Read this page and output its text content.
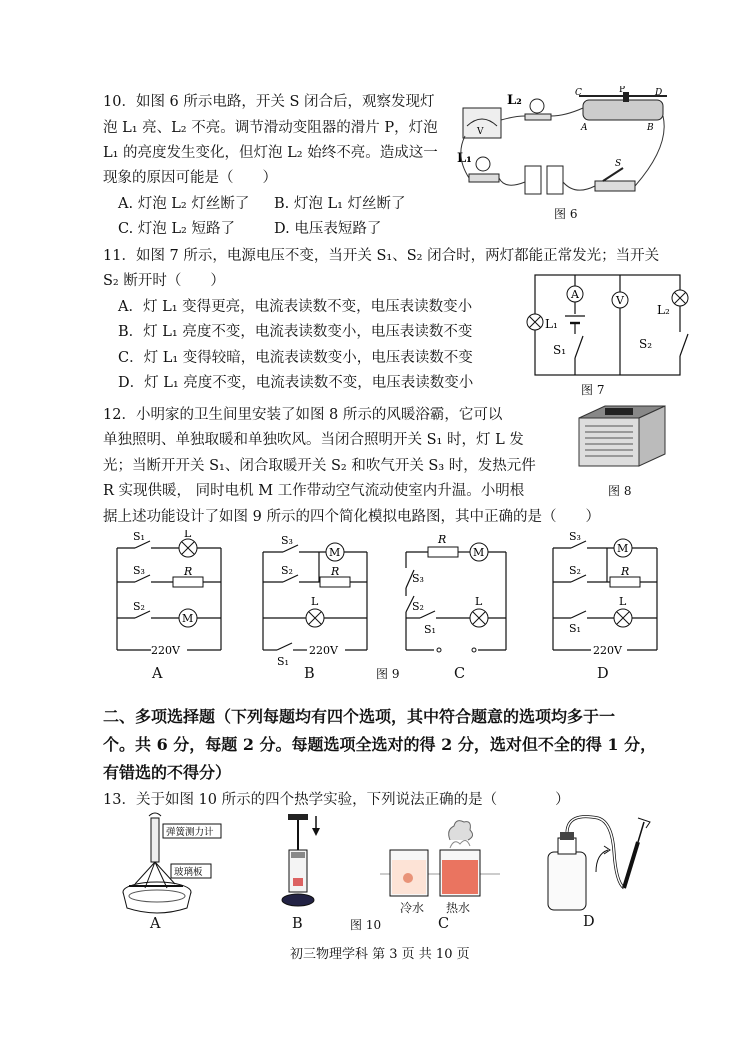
10．如图 6 所示电路，开关 S 闭合后，观察发现灯
泡 L₁ 亮、L₂ 不亮。调节滑动变阻器的滑片 P，灯泡
L₁ 的亮度发生变化，但灯泡 L₂ 始终不亮。造成这一
现象的原因可能是（　　）
A. 灯泡 L₂ 灯丝断了 B. 灯泡 L₁ 灯丝断了
C. 灯泡 L₂ 短路了	D. 电压表短路了
V
L₂	C	P	D
A	B
L₁	S
图 6
11．如图 7 所示，电源电压不变，当开关 S₁、S₂ 闭合时，两灯都能正常发光；当开关
S₂ 断开时（　　）
A．灯 L₁ 变得更亮，电流表读数不变，电压表读数变小
B．灯 L₁ 亮度不变，电流表读数变小，电压表读数不变
C．灯 L₁ 变得较暗，电流表读数变小，电压表读数不变
D．灯 L₁ 亮度不变，电流表读数不变，电压表读数变小
A
S₁
L₁
V
L₂
S₂
图 7
12．小明家的卫生间里安装了如图 8 所示的风暖浴霸，它可以
单独照明、单独取暖和单独吹风。当闭合照明开关 S₁ 时，灯 L 发
光；当断开开关 S₁、闭合取暖开关 S₂ 和吹气开关 S₃ 时，发热元件
R 实现供暖， 同时电机 M 工作带动空气流动使室内升温。小明根
据上述功能设计了如图 9 所示的四个简化模拟电路图，其中正确的是（　　）
图 8
M
L
R
S₁
S₃
S₂
220V
A
M
R
L
S₃
S₂
S₁
220V
B
R
M
L
S₃
S₂
S₁
C
M
R
L
S₃
S₂
S₁
220V
D
图 9
二、多项选择题（下列每题均有四个选项，其中符合题意的选项均多于一
个。共 6 分，每题 2 分。每题选项全选对的得 2 分，选对但不全的得 1 分，
有错选的不得分）
13．关于如图 10 所示的四个热学实验，下列说法正确的是（　　　　）
弹簧测力计
玻璃板
A	B
冷水 热水
C
图 10	D
初三物理学科 第 3 页 共 10 页
